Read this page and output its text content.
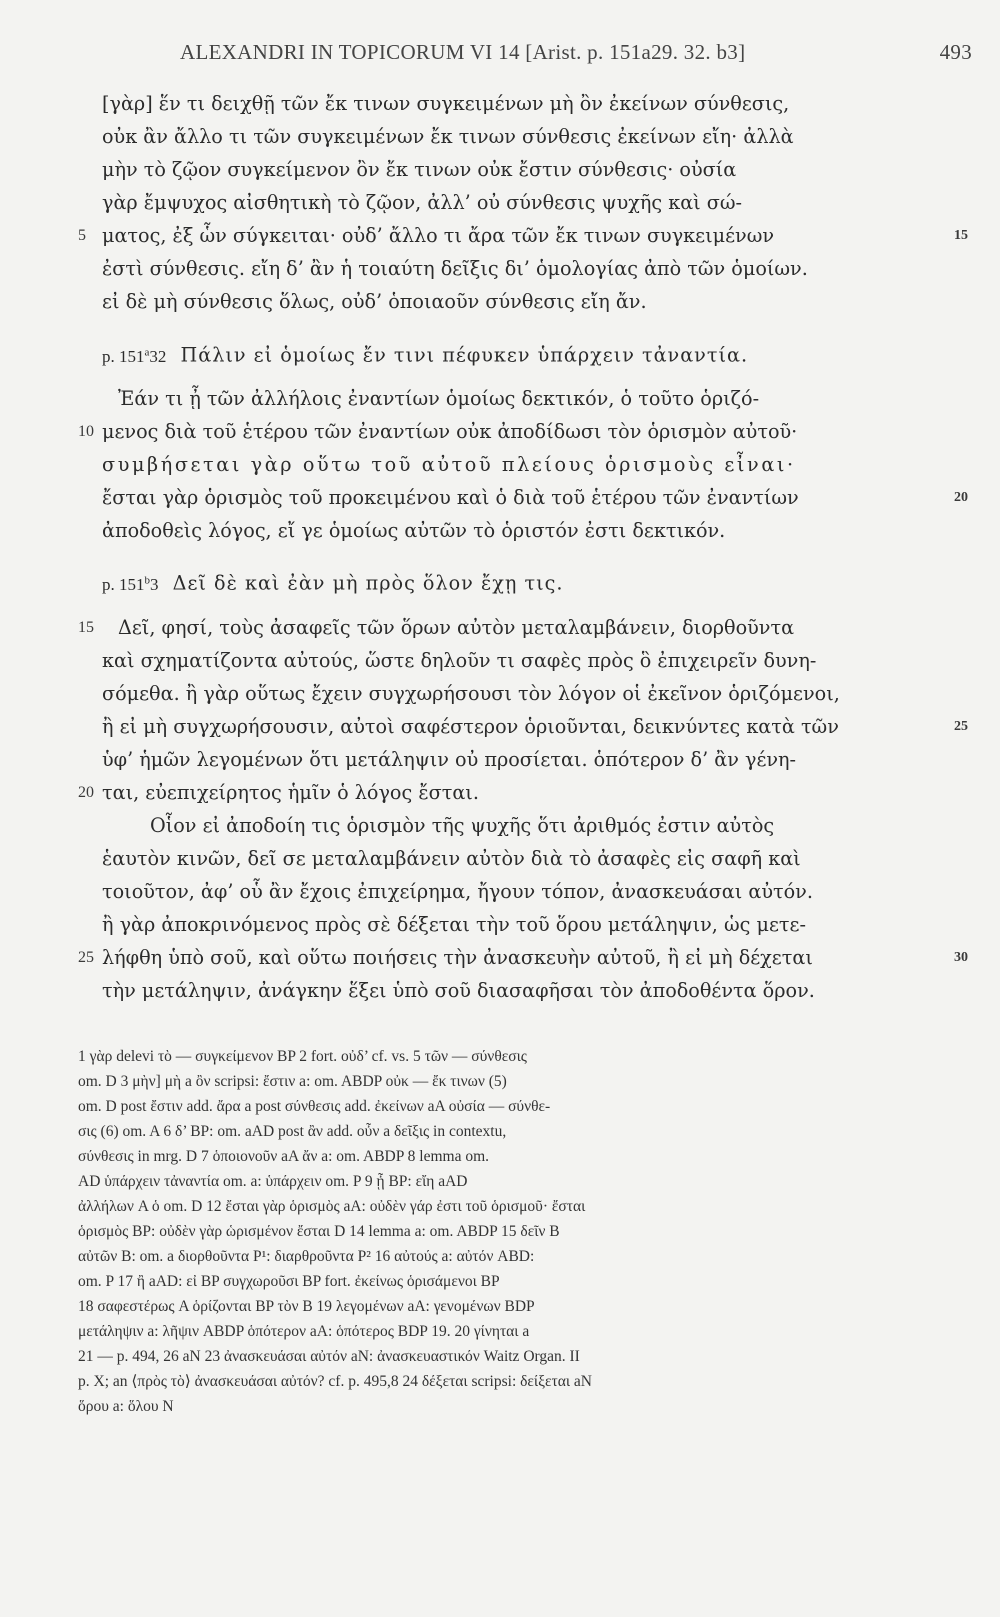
ALEXANDRI IN TOPICORUM VI 14 [Arist. p. 151a29. 32. b3]	493
[γὰρ] ἕν τι δειχθῇ τῶν ἔκ τινων συγκειμένων μὴ ὂν ἐκείνων σύνθεσις,
οὐκ ἂν ἄλλο τι τῶν συγκειμένων ἔκ τινων σύνθεσις ἐκείνων εἴη· ἀλλὰ
μὴν τὸ ζῷον συγκείμενον ὂν ἔκ τινων οὐκ ἔστιν σύνθεσις· οὐσία
γὰρ ἔμψυχος αἰσθητικὴ τὸ ζῷον, ἀλλ’ οὐ σύνθεσις ψυχῆς καὶ σώ-
ματος, ἐξ ὧν σύγκειται· οὐδ’ ἄλλο τι ἄρα τῶν ἔκ τινων συγκειμένων
ἐστὶ σύνθεσις. εἴη δ’ ἂν ἡ τοιαύτη δεῖξις δι’ ὁμολογίας ἀπὸ τῶν ὁμοίων.
εἰ δὲ μὴ σύνθεσις ὅλως, οὐδ’ ὁποιαοῦν σύνθεσις εἴη ἄν.
p. 151$^a$32 Πάλιν εἰ ὁμοίως ἔν τινι πέφυκεν ὑπάρχειν τἀναντία.
Ἐάν τι ᾖ τῶν ἀλλήλοις ἐναντίων ὁμοίως δεκτικόν, ὁ τοῦτο ὁριζό-
μενος διὰ τοῦ ἑτέρου τῶν ἐναντίων οὐκ ἀποδίδωσι τὸν ὁρισμὸν αὐτοῦ·
συμβήσεται γὰρ οὕτω τοῦ αὐτοῦ πλείους ὁρισμοὺς εἶναι·
ἔσται γὰρ ὁρισμὸς τοῦ προκειμένου καὶ ὁ διὰ τοῦ ἑτέρου τῶν ἐναντίων
ἀποδοθεὶς λόγος, εἴ γε ὁμοίως αὐτῶν τὸ ὁριστόν ἐστι δεκτικόν.
p. 151$^b$3 Δεῖ δὲ καὶ ἐὰν μὴ πρὸς ὅλον ἔχῃ τις.
Δεῖ, φησί, τοὺς ἀσαφεῖς τῶν ὅρων αὐτὸν μεταλαμβάνειν, διορθοῦντα
καὶ σχηματίζοντα αὐτούς, ὥστε δηλοῦν τι σαφὲς πρὸς ὃ ἐπιχειρεῖν δυνη-
σόμεθα. ἢ γὰρ οὕτως ἔχειν συγχωρήσουσι τὸν λόγον οἱ ἐκεῖνον ὁριζόμενοι,
ἢ εἰ μὴ συγχωρήσουσιν, αὐτοὶ σαφέστερον ὁριοῦνται, δεικνύντες κατὰ τῶν
ὑφ’ ἡμῶν λεγομένων ὅτι μετάληψιν οὐ προσίεται. ὁπότερον δ’ ἂν γένη-
ται, εὐεπιχείρητος ἡμῖν ὁ λόγος ἔσται.
Οἷον εἰ ἀποδοίη τις ὁρισμὸν τῆς ψυχῆς ὅτι ἀριθμός ἐστιν αὐτὸς
ἑαυτὸν κινῶν, δεῖ σε μεταλαμβάνειν αὐτὸν διὰ τὸ ἀσαφὲς εἰς σαφῆ καὶ
τοιοῦτον, ἀφ’ οὗ ἂν ἔχοις ἐπιχείρημα, ἤγουν τόπον, ἀνασκευάσαι αὐτόν.
ἢ γὰρ ἀποκρινόμενος πρὸς σὲ δέξεται τὴν τοῦ ὅρου μετάληψιν, ὡς μετε-
λήφθη ὑπὸ σοῦ, καὶ οὕτω ποιήσεις τὴν ἀνασκευὴν αὐτοῦ, ἢ εἰ μὴ δέχεται
τὴν μετάληψιν, ἀνάγκην ἕξει ὑπὸ σοῦ διασαφῆσαι τὸν ἀποδοθέντα ὅρον.
5
10
15
20
25
15
20
25
30
1 γὰρ delevi τὸ — συγκείμενον BP 2 fort. οὐδ’ cf. vs. 5 τῶν — σύνθεσις
om. D 3 μὴν] μὴ a ὂν scripsi: ἔστιν a: om. ABDP οὐκ — ἔκ τινων (5)
om. D post ἔστιν add. ἄρα a post σύνθεσις add. ἐκείνων aA οὐσία — σύνθε-
σις (6) om. A 6 δ’ BP: om. aAD post ἂν add. οὖν a δεῖξις in contextu,
σύνθεσις in mrg. D 7 ὁποιονοῦν aA ἄν a: om. ABDP 8 lemma om.
AD ὑπάρχειν τἀναντία om. a: ὑπάρχειν om. P 9 ᾖ BP: εἴη aAD
ἀλλήλων A ὁ om. D 12 ἔσται γὰρ ὁρισμὸς aA: οὐδὲν γάρ ἐστι τοῦ ὁρισμοῦ· ἔσται
ὁρισμὸς BP: οὐδὲν γὰρ ὡρισμένον ἔσται D 14 lemma a: om. ABDP 15 δεῖν B
αὐτῶν B: om. a διορθοῦντα P¹: διαρθροῦντα P² 16 αὐτούς a: αὐτόν ABD:
om. P 17 ἢ aAD: εἰ BP συγχωροῦσι BP fort. ἐκείνως ὁρισάμενοι BP
18 σαφεστέρως A ὁρίζονται BP τὸν B 19 λεγομένων aA: γενομένων BDP
μετάληψιν a: λῆψιν ABDP ὁπότερον aA: ὁπότερος BDP 19. 20 γίνηται a
21 — p. 494, 26 aN 23 ἀνασκευάσαι αὐτόν aN: ἀνασκευαστικόν Waitz Organ. II
p. X; an ⟨πρὸς τὸ⟩ ἀνασκευάσαι αὐτόν? cf. p. 495,8 24 δέξεται scripsi: δείξεται aN
ὅρου a: ὅλου N
